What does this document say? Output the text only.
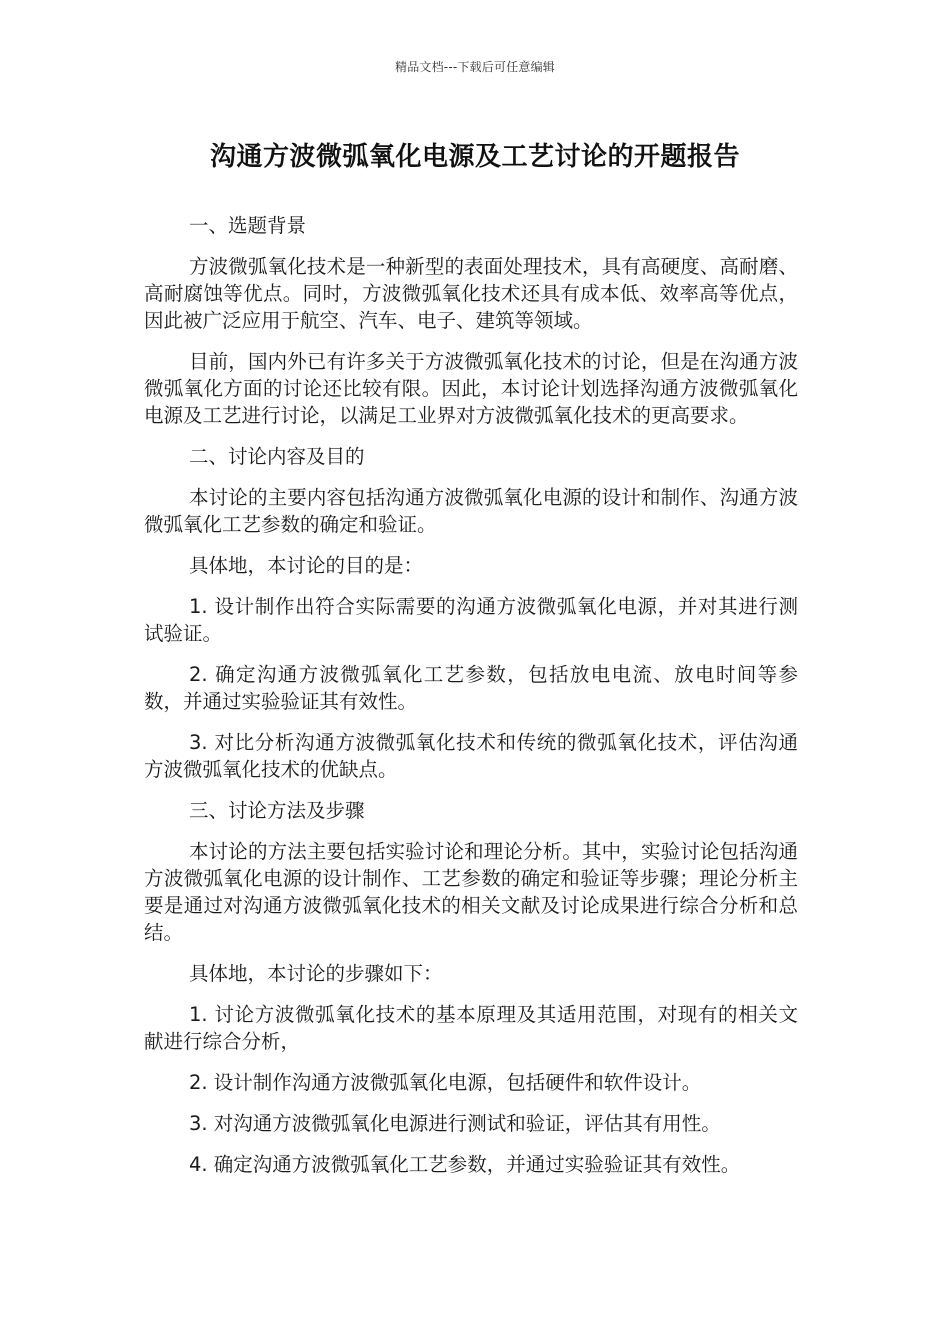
精品文档---下载后可任意编辑
沟通方波微弧氧化电源及工艺讨论的开题报告

一、选题背景

方波微弧氧化技术是一种新型的表面处理技术，具有高硬度、高耐磨、高耐腐蚀等优点。同时，方波微弧氧化技术还具有成本低、效率高等优点，因此被广泛应用于航空、汽车、电子、建筑等领域。

目前，国内外已有许多关于方波微弧氧化技术的讨论，但是在沟通方波微弧氧化方面的讨论还比较有限。因此，本讨论计划选择沟通方波微弧氧化电源及工艺进行讨论，以满足工业界对方波微弧氧化技术的更高要求。

二、讨论内容及目的

本讨论的主要内容包括沟通方波微弧氧化电源的设计和制作、沟通方波微弧氧化工艺参数的确定和验证。

具体地，本讨论的目的是：

1. 设计制作出符合实际需要的沟通方波微弧氧化电源，并对其进行测试验证。

2. 确定沟通方波微弧氧化工艺参数，包括放电电流、放电时间等参数，并通过实验验证其有效性。

3. 对比分析沟通方波微弧氧化技术和传统的微弧氧化技术，评估沟通方波微弧氧化技术的优缺点。

三、讨论方法及步骤

本讨论的方法主要包括实验讨论和理论分析。其中，实验讨论包括沟通方波微弧氧化电源的设计制作、工艺参数的确定和验证等步骤；理论分析主要是通过对沟通方波微弧氧化技术的相关文献及讨论成果进行综合分析和总结。

具体地，本讨论的步骤如下：

1. 讨论方波微弧氧化技术的基本原理及其适用范围，对现有的相关文献进行综合分析，

2. 设计制作沟通方波微弧氧化电源，包括硬件和软件设计。

3. 对沟通方波微弧氧化电源进行测试和验证，评估其有用性。

4. 确定沟通方波微弧氧化工艺参数，并通过实验验证其有效性。
